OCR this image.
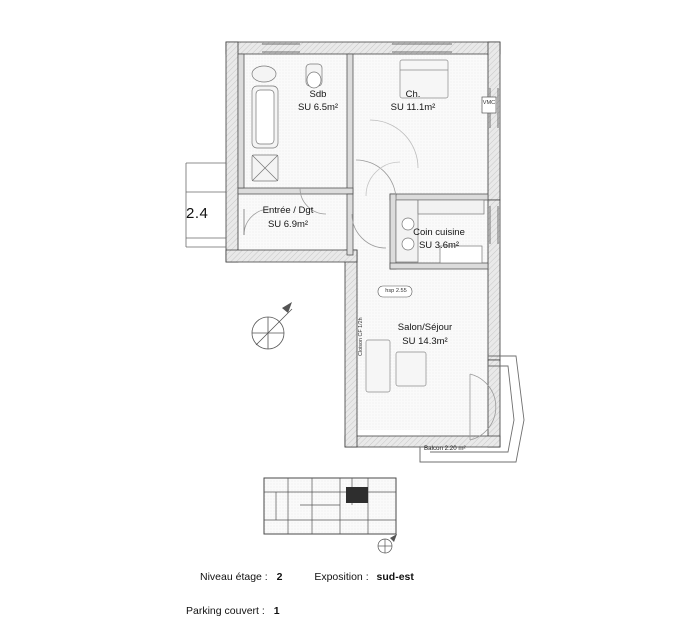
2.4
Sdb
SU 6.5m²
Ch.
SU 11.1m²
Entrée / Dgt
SU 6.9m²
Coin cuisine
SU 3.6m²
Salon/Séjour
SU 14.3m²
Balcon 2.20 m²
hsp 2.55
VMC
Cloison CF 1/2h
Niveau étage : 2	Exposition : sud-est
Parking couvert : 1
